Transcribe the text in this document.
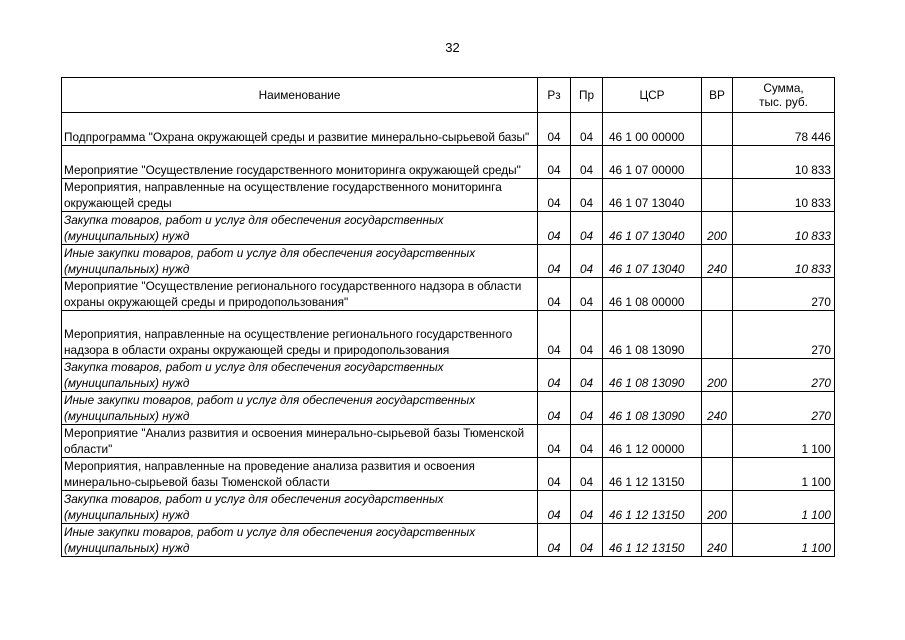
32
Наименование	Рз	Пр	ЦСР	ВР	Сумма,
тыс. руб.
Подпрограмма "Охрана окружающей среды и развитие минерально-сырьевой базы"	04	04	46 1 00 00000		78 446
Мероприятие "Осуществление государственного мониторинга окружающей среды"	04	04	46 1 07 00000		10 833
Мероприятия, направленные на осуществление государственного мониторинга окружающей среды	04	04	46 1 07 13040		10 833
Закупка товаров, работ и услуг для обеспечения государственных (муниципальных) нужд	04	04	46 1 07 13040	200	10 833
Иные закупки товаров, работ и услуг для обеспечения государственных (муниципальных) нужд	04	04	46 1 07 13040	240	10 833
Мероприятие "Осуществление регионального государственного надзора в области охраны окружающей среды и природопользования"	04	04	46 1 08 00000		270
Мероприятия, направленные на осуществление регионального государственного надзора в области охраны окружающей среды и природопользования	04	04	46 1 08 13090		270
Закупка товаров, работ и услуг для обеспечения государственных (муниципальных) нужд	04	04	46 1 08 13090	200	270
Иные закупки товаров, работ и услуг для обеспечения государственных (муниципальных) нужд	04	04	46 1 08 13090	240	270
Мероприятие "Анализ развития и освоения минерально-сырьевой базы Тюменской области"	04	04	46 1 12 00000		1 100
Мероприятия, направленные на проведение анализа развития и освоения минерально-сырьевой базы Тюменской области	04	04	46 1 12 13150		1 100
Закупка товаров, работ и услуг для обеспечения государственных (муниципальных) нужд	04	04	46 1 12 13150	200	1 100
Иные закупки товаров, работ и услуг для обеспечения государственных (муниципальных) нужд	04	04	46 1 12 13150	240	1 100
